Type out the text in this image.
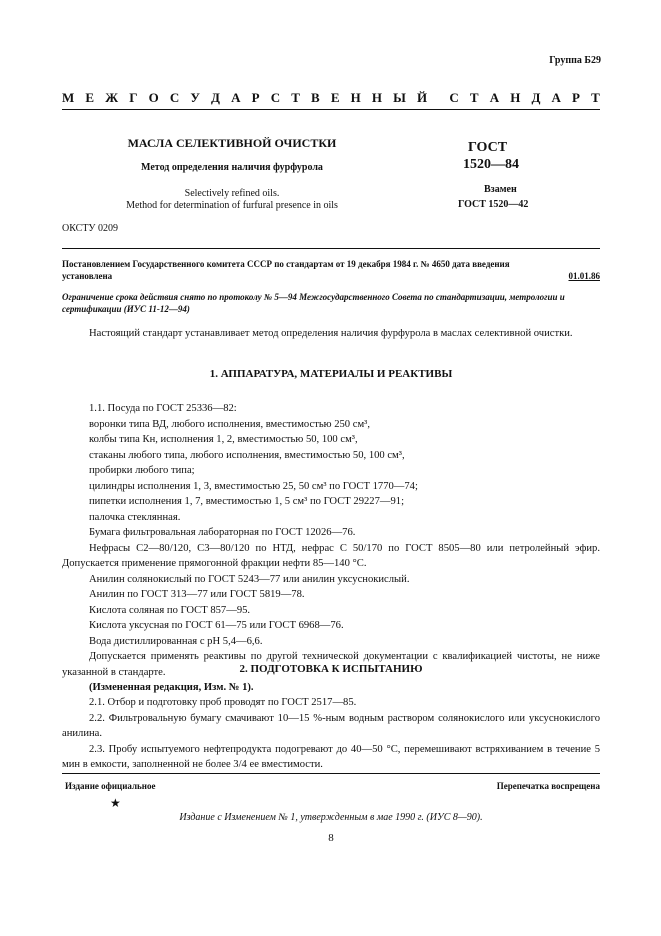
Группа Б29
М Е Ж Г О С У Д А Р С Т В Е Н Н Ы Й С Т А Н Д А Р Т
МАСЛА СЕЛЕКТИВНОЙ ОЧИСТКИ
Метод определения наличия фурфурола
Selectively refined oils.
Method for determination of furfural presence in oils
ГОСТ
1520—84
Взамен
ГОСТ 1520—42
ОКСТУ 0209
Постановлением Государственного комитета СССР по стандартам от 19 декабря 1984 г. № 4650 дата введения
установлена	01.01.86
Ограничение срока действия снято по протоколу № 5—94 Межгосударственного Совета по стандартизации, метрологии и сертификации (ИУС 11-12—94)

Настоящий стандарт устанавливает метод определения наличия фурфурола в маслах селективной очистки.

1. АППАРАТУРА, МАТЕРИАЛЫ И РЕАКТИВЫ

1.1. Посуда по ГОСТ 25336—82:

воронки типа ВД, любого исполнения, вместимостью 250 см³,

колбы типа Кн, исполнения 1, 2, вместимостью 50, 100 см³,

стаканы любого типа, любого исполнения, вместимостью 50, 100 см³,

пробирки любого типа;

цилиндры исполнения 1, 3, вместимостью 25, 50 см³ по ГОСТ 1770—74;

пипетки исполнения 1, 7, вместимостью 1, 5 см³ по ГОСТ 29227—91;

палочка стеклянная.

Бумага фильтровальная лабораторная по ГОСТ 12026—76.

Нефрасы С2—80/120, С3—80/120 по НТД, нефрас С 50/170 по ГОСТ 8505—80 или петролейный эфир. Допускается применение прямогонной фракции нефти 85—140 °С.

Анилин солянокислый по ГОСТ 5243—77 или анилин уксуснокислый.

Анилин по ГОСТ 313—77 или ГОСТ 5819—78.

Кислота соляная по ГОСТ 857—95.

Кислота уксусная по ГОСТ 61—75 или ГОСТ 6968—76.

Вода дистиллированная с рН 5,4—6,6.

Допускается применять реактивы по другой технической документации с квалификацией чистоты, не ниже указанной в стандарте.

(Измененная редакция, Изм. № 1).

2. ПОДГОТОВКА К ИСПЫТАНИЮ

2.1. Отбор и подготовку проб проводят по ГОСТ 2517—85.

2.2. Фильтровальную бумагу смачивают 10—15 %-ным водным раствором солянокислого или уксуснокислого анилина.

2.3. Пробу испытуемого нефтепродукта подогревают до 40—50 °С, перемешивают встряхиванием в течение 5 мин в емкости, заполненной не более 3/4 ее вместимости.

Издание официальное	Перепечатка воспрещена
★
Издание с Изменением № 1, утвержденным в мае 1990 г. (ИУС 8—90).
8
